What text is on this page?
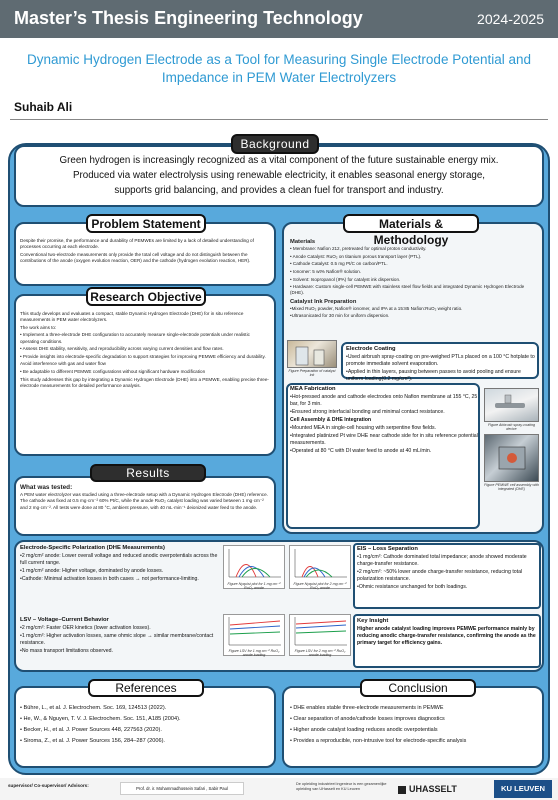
Master’s Thesis Engineering Technology	2024-2025
Dynamic Hydrogen Electrode as a Tool for Measuring Single Electrode Potential and
Impedance in PEM Water Electrolyzers
Suhaib Ali
Background
Green hydrogen is increasingly recognized as a vital component of the future sustainable energy mix.
Produced via water electrolysis using renewable electricity, it enables seasonal energy storage,
supports grid balancing, and provides a clean fuel for transport and industry.
Problem Statement

Despite their promise, the performance and durability of PEMWEs are limited by a lack of detailed understanding of processes occurring at each electrode.

Conventional two-electrode measurements only provide the total cell voltage and do not distinguish between the contributions of the anode (oxygen evolution reaction, OER) and the cathode (hydrogen evolution reaction, HER).

Research Objective

This study develops and evaluates a compact, stable Dynamic Hydrogen Electrode (DHE) for in situ reference measurements in PEM water electrolyzers.

The work aims to:

• Implement a three-electrode DHE configuration to accurately measure single-electrode potentials under realistic operating conditions.

• Assess DHE stability, sensitivity, and reproducibility across varying current densities and flow rates.

• Provide insights into electrode-specific degradation to support strategies for improving PEMWE efficiency and durability.

Avoid interference with gas and water flow

• Be adaptable to different PEMWE configurations without significant hardware modification

This study addresses this gap by integrating a Dynamic Hydrogen Electrode (DHE) into a PEMWE, enabling precise three-electrode measurements for detailed performance analysis.

Materials & Methodology
Materials

• Membrane: Nafion 212, pretreated for optimal proton conductivity.

• Anode Catalyst: RuO₂ on titanium porous transport layer (PTL).

• Cathode Catalyst: 0.5 mg Pt/C on carbon/PTL.

• Ionomer: 5 wt% Nafion® solution.

• Solvent: Isopropanol (IPA) for catalyst ink dispersion.

• Hardware: Custom single-cell PEMWE with stainless steel flow fields and integrated Dynamic Hydrogen Electrode (DHE).

Catalyst Ink Preparation

•Mixed RuO₂ powder, Nafion® ionomer, and IPA at a 15:85 Nafion:RuO₂ weight ratio.

•Ultrasonicated for 30 min for uniform dispersion.

Figure Preparation of catalyst ink
Electrode Coating

•Used airbrush spray-coating on pre-weighed PTLs placed on a 100 °C hotplate to promote immediate solvent evaporation.

•Applied in thin layers, pausing between passes to avoid pooling and ensure uniform loading(0.2 mg/cm²).

MEA Fabrication

•Hot-pressed anode and cathode electrodes onto Nafion membrane at 155 °C, 25 bar, for 3 min.

•Ensured strong interfacial bonding and minimal contact resistance.

Cell Assembly & DHE Integration

•Mounted MEA in single-cell housing with serpentine flow fields.

•Integrated platinized Pt wire DHE near cathode side for in situ reference potential measurements.

•Operated at 80 °C with DI water feed to anode at 40 mL/min.

Figure Airbrush spray-coating device
Figure PEMWE cell assembly with integrated (DHE)
Results
What was tested:

A PEM water electrolyzer was studied using a three-electrode setup with a Dynamic Hydrogen Electrode (DHE) reference. The cathode was fixed at 0.5 mg·cm⁻² 60% Pt/C, while the anode RuO₂ catalyst loading was varied between 1 mg·cm⁻² and 2 mg·cm⁻². All tests were done at 80 °C, ambient pressure, with 40 mL·min⁻¹ deionized water feed to the anode.

Electrode-Specific Polarization (DHE Measurements)

•2 mg/cm² anode: Lower overall voltage and reduced anodic overpotentials across the full current range.

•1 mg/cm² anode: Higher voltage, dominated by anode losses.

•Cathode: Minimal activation losses in both cases → not performance-limiting.

Figure Nyquist plot for 1 mg cm⁻² RuO₂ anode
Figure Nyquist plot for 2 mg cm⁻² RuO₂ anode
EIS – Loss Separation

•1 mg/cm²: Cathode dominated total impedance; anode showed moderate charge-transfer resistance.

•2 mg/cm²: ~50% lower anode charge-transfer resistance, reducing total polarization resistance.

•Ohmic resistance unchanged for both loadings.

LSV – Voltage–Current Behavior

•2 mg/cm²: Faster OER kinetics (lower activation losses).

•1 mg/cm²: Higher activation losses, same ohmic slope → similar membrane/contact resistance.

•No mass transport limitations observed.	Figure LSV for 1 mg cm⁻² RuO₂ anode loading
Figure LSV for 2 mg cm⁻² RuO₂ anode loading
Key Insight

Higher anode catalyst loading improves PEMWE performance mainly by reducing anodic charge-transfer resistance, confirming the anode as the primary target for efficiency gains.

References

• Bühre, L., et al. J. Electrochem. Soc. 169, 124513 (2022).

• He, W., & Nguyen, T. V. J. Electrochem. Soc. 151, A185 (2004).

• Becker, H., et al. J. Power Sources 448, 227563 (2020).

• Siroma, Z., et al. J. Power Sources 156, 284–287 (2006).

Conclusion

• DHE enables stable three-electrode measurements in PEMWE

• Clear separation of anode/cathode losses improves diagnostics

• Higher anode catalyst loading reduces anodic overpotentials

• Provides a reproducible, non-intrusive tool for electrode-specific analysis

supervisor/ Co-supervisor/ Advisors:
Prof. dr. ir. Mohammadhossein Safari , Sabir Paul
De opleiding industrieel ingenieur is een gezamenlijke opleiding van UHasselt en KU Leuven	UHASSELT	KU LEUVEN
